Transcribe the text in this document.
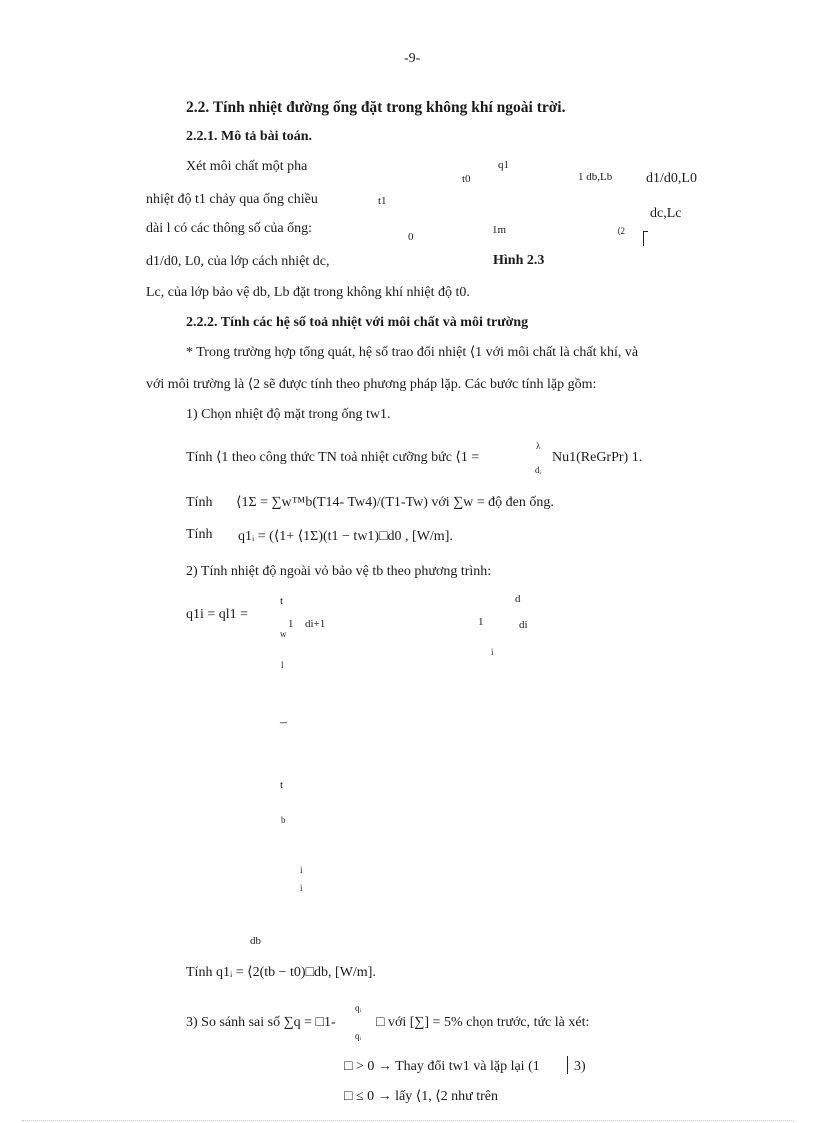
-9-
2.2. Tính nhiệt đường ống đặt trong không khí ngoài trời.
2.2.1. Mô tả bài toán.
Xét môi chất một pha
nhiệt độ t1 chảy qua ống chiều
dài l có các thông số của ống:
d1/d0, L0, của lớp cách nhiệt dc,
Lc, của lớp bảo vệ db, Lb đặt trong không khí nhiệt độ t0.
q1
t0	1 db,Lb d1/d0,L0
t1
dc,Lc
0
1m	⟨2
Hình 2.3
2.2.2. Tính các hệ số toả nhiệt với môi chất và môi trường
* Trong trường hợp tổng quát, hệ số trao đổi nhiệt ⟨1 với môi chất là chất khí, và
với môi trường là ⟨2 sẽ được tính theo phương pháp lặp. Các bước tính lặp gồm:
1) Chọn nhiệt độ mặt trong ống tw1.
Tính ⟨1 theo công thức TN toả nhiệt cưỡng bức ⟨1 =
λ
dᵢ
Nu1(ReGrPr) 1.
Tính ⟨1Σ = ∑w™b(T14- Tw4)/(T1-Tw) với ∑w = độ đen ống.
Tính q1ᵢ = (⟨1+ ⟨1Σ)(t1 − tw1)□d0 , [W/m].
2) Tính nhiệt độ ngoài vỏ bảo vệ tb theo phương trình:
q1i = ql1 =
t
1
w
di+1	1
d
di
i
l
–
t
b
i
i
db
Tính q1ᵢ = ⟨2(tb − t0)□db, [W/m].
3) So sánh sai số ∑q = □1-
qᵢ
qᵢ
□ với [∑] = 5% chọn trước, tức là xét:
□ > 0 → Thay đổi tw1 và lặp lại (1 3)
□ ≤ 0 → lấy ⟨1, ⟨2 như trên
